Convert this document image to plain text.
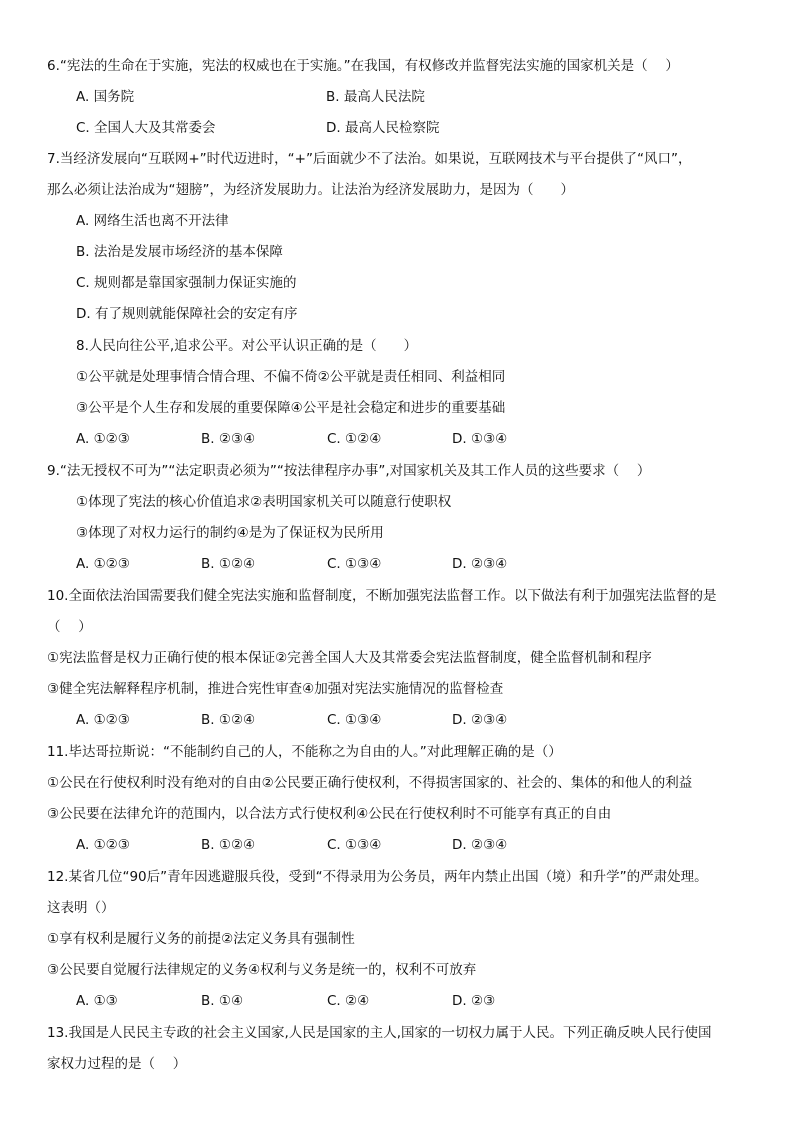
6.“宪法的生命在于实施，宪法的权威也在于实施。”在我国，有权修改并监督宪法实施的国家机关是（　 ）
A. 国务院	B. 最高人民法院
C. 全国人大及其常委会	D. 最高人民检察院
7.当经济发展向“互联网+”时代迈进时，“+”后面就少不了法治。如果说，互联网技术与平台提供了“风口”，
那么必须让法治成为“翅膀”，为经济发展助力。让法治为经济发展助力，是因为（　　）
A. 网络生活也离不开法律
B. 法治是发展市场经济的基本保障
C. 规则都是靠国家强制力保证实施的
D. 有了规则就能保障社会的安定有序
8.人民向往公平,追求公平。对公平认识正确的是（　　）
①公平就是处理事情合情合理、不偏不倚②公平就是责任相同、利益相同
③公平是个人生存和发展的重要保障④公平是社会稳定和进步的重要基础
A. ①②③	B. ②③④	C. ①②④	D. ①③④
9.“法无授权不可为”“法定职责必须为”“按法律程序办事”,对国家机关及其工作人员的这些要求（　 ）
①体现了宪法的核心价值追求②表明国家机关可以随意行使职权
③体现了对权力运行的制约④是为了保证权为民所用
A. ①②③	B. ①②④	C. ①③④	D. ②③④
10.全面依法治国需要我们健全宪法实施和监督制度，不断加强宪法监督工作。以下做法有利于加强宪法监督的是
（　 ）
①宪法监督是权力正确行使的根本保证②完善全国人大及其常委会宪法监督制度，健全监督机制和程序
③健全宪法解释程序机制，推进合宪性审查④加强对宪法实施情况的监督检查
A. ①②③	B. ①②④	C. ①③④	D. ②③④
11.毕达哥拉斯说：“不能制约自己的人，不能称之为自由的人。”对此理解正确的是（）
①公民在行使权利时没有绝对的自由②公民要正确行使权利，不得损害国家的、社会的、集体的和他人的利益
③公民要在法律允许的范围内，以合法方式行使权利④公民在行使权利时不可能享有真正的自由
A. ①②③	B. ①②④	C. ①③④	D. ②③④
12.某省几位“90后”青年因逃避服兵役，受到“不得录用为公务员，两年内禁止出国（境）和升学”的严肃处理。
这表明（）
①享有权利是履行义务的前提②法定义务具有强制性
③公民要自觉履行法律规定的义务④权利与义务是统一的，权利不可放弃
A. ①③	B. ①④	C. ②④	D. ②③
13.我国是人民民主专政的社会主义国家,人民是国家的主人,国家的一切权力属于人民。下列正确反映人民行使国
家权力过程的是（　 ）
